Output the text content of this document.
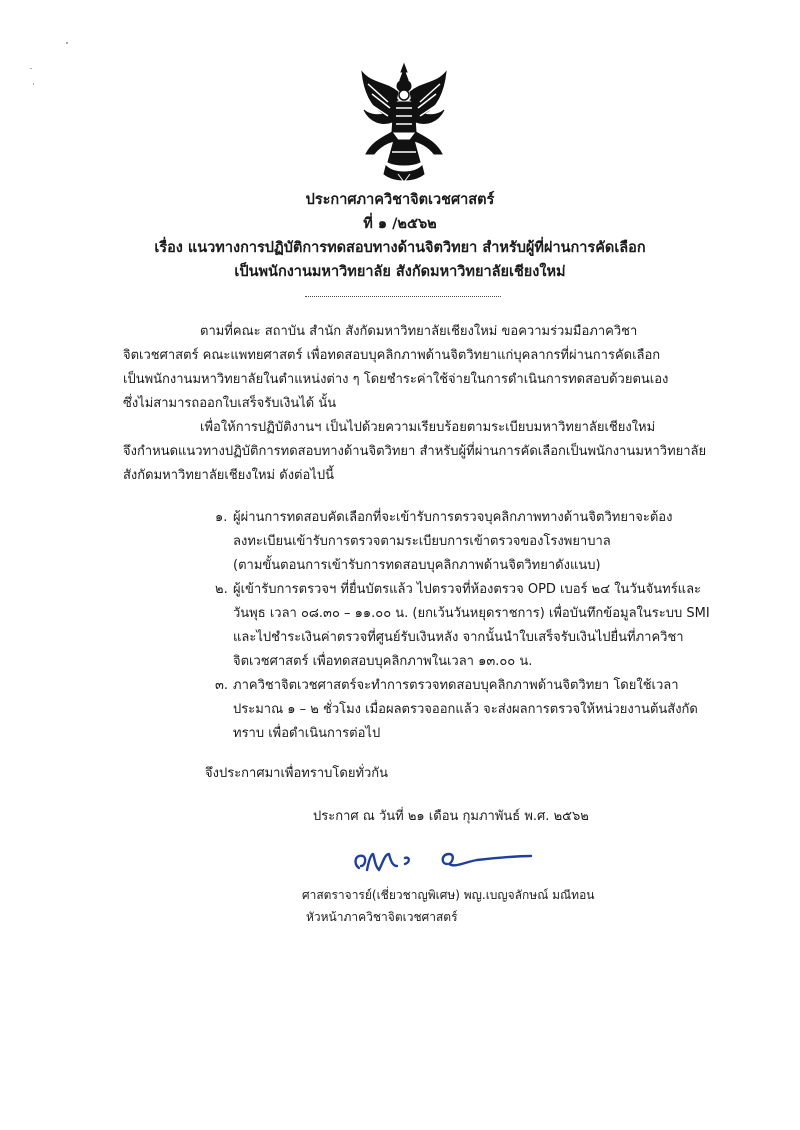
ประกาศภาควิชาจิตเวชศาสตร์
ที่ ๑ /๒๕๖๒
เรื่อง แนวทางการปฏิบัติการทดสอบทางด้านจิตวิทยา สำหรับผู้ที่ผ่านการคัดเลือก
เป็นพนักงานมหาวิทยาลัย สังกัดมหาวิทยาลัยเชียงใหม่
ตามที่คณะ สถาบัน สำนัก สังกัดมหาวิทยาลัยเชียงใหม่ ขอความร่วมมือภาควิชา
จิตเวชศาสตร์ คณะแพทยศาสตร์ เพื่อทดสอบบุคลิกภาพด้านจิตวิทยาแก่บุคลากรที่ผ่านการคัดเลือก
เป็นพนักงานมหาวิทยาลัยในตำแหน่งต่าง ๆ โดยชำระค่าใช้จ่ายในการดำเนินการทดสอบด้วยตนเอง
ซึ่งไม่สามารถออกใบเสร็จรับเงินได้ นั้น
เพื่อให้การปฏิบัติงานฯ เป็นไปด้วยความเรียบร้อยตามระเบียบมหาวิทยาลัยเชียงใหม่
จึงกำหนดแนวทางปฏิบัติการทดสอบทางด้านจิตวิทยา สำหรับผู้ที่ผ่านการคัดเลือกเป็นพนักงานมหาวิทยาลัย
สังกัดมหาวิทยาลัยเชียงใหม่ ดังต่อไปนี้
๑. ผู้ผ่านการทดสอบคัดเลือกที่จะเข้ารับการตรวจบุคลิกภาพทางด้านจิตวิทยาจะต้อง
ลงทะเบียนเข้ารับการตรวจตามระเบียบการเข้าตรวจของโรงพยาบาล
(ตามขั้นตอนการเข้ารับการทดสอบบุคลิกภาพด้านจิตวิทยาดังแนบ)
๒. ผู้เข้ารับการตรวจฯ ที่ยื่นบัตรแล้ว ไปตรวจที่ห้องตรวจ OPD เบอร์ ๒๔ ในวันจันทร์และ
วันพุธ เวลา ๐๘.๓๐ – ๑๑.๐๐ น. (ยกเว้นวันหยุดราชการ) เพื่อบันทึกข้อมูลในระบบ SMI
และไปชำระเงินค่าตรวจที่ศูนย์รับเงินหลัง จากนั้นนำใบเสร็จรับเงินไปยื่นที่ภาควิชา
จิตเวชศาสตร์ เพื่อทดสอบบุคลิกภาพในเวลา ๑๓.๐๐ น.
๓. ภาควิชาจิตเวชศาสตร์จะทำการตรวจทดสอบบุคลิกภาพด้านจิตวิทยา โดยใช้เวลา
ประมาณ ๑ – ๒ ชั่วโมง เมื่อผลตรวจออกแล้ว จะส่งผลการตรวจให้หน่วยงานต้นสังกัด
ทราบ เพื่อดำเนินการต่อไป
จึงประกาศมาเพื่อทราบโดยทั่วกัน
ประกาศ ณ วันที่ ๒๑ เดือน กุมภาพันธ์ พ.ศ. ๒๕๖๒
ศาสตราจารย์(เชี่ยวชาญพิเศษ) พญ.เบญจลักษณ์ มณีทอน
หัวหน้าภาควิชาจิตเวชศาสตร์
